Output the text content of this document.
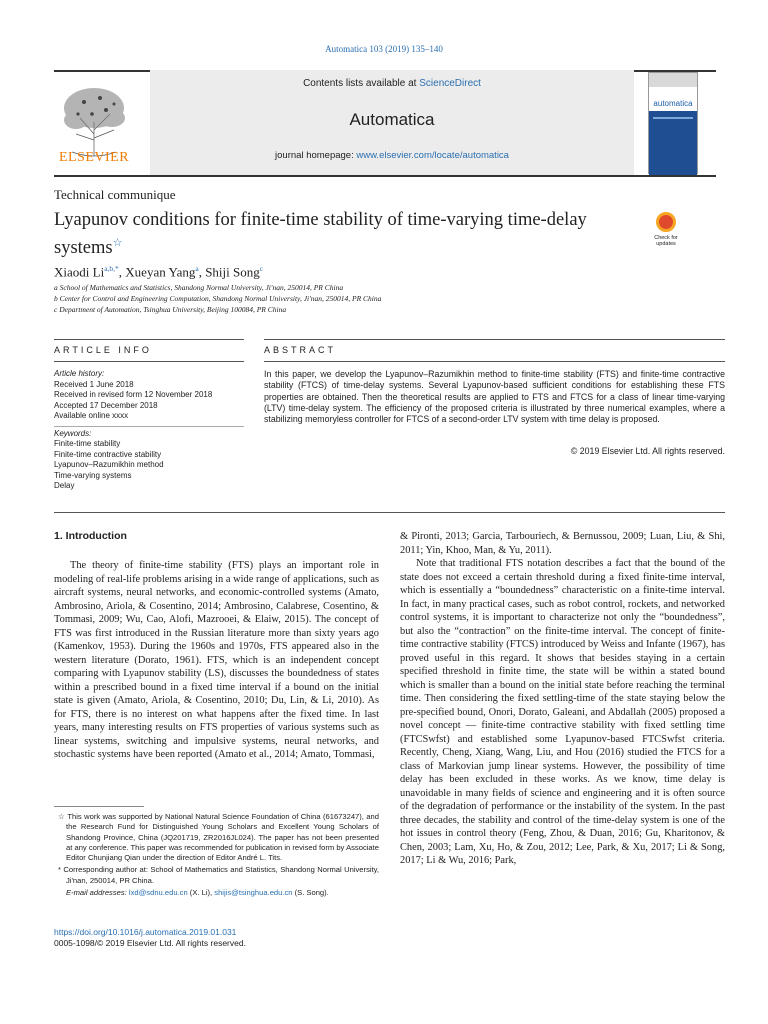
Automatica 103 (2019) 135–140
ELSEVIER
Contents lists available at ScienceDirect
Automatica
journal homepage: www.elsevier.com/locate/automatica
automatica
Technical communique
Lyapunov conditions for finite-time stability of time-varying time-delay systems☆	Check for updates
Xiaodi $Li^{a,b,*}$, Xueyan Yang$^a$, Shiji Song$^c$
a School of Mathematics and Statistics, Shandong Normal University, Ji'nan, 250014, PR China
b Center for Control and Engineering Computation, Shandong Normal University, Ji'nan, 250014, PR China
c Department of Automation, Tsinghua University, Beijing 100084, PR China
ARTICLE INFO	ABSTRACT
Article history:
Received 1 June 2018
Received in revised form 12 November 2018
Accepted 17 December 2018
Available online xxxx
Keywords:
Finite-time stability
Finite-time contractive stability
Lyapunov–Razumikhin method
Time-varying systems
Delay
In this paper, we develop the Lyapunov–Razumikhin method to finite-time stability (FTS) and finite-time contractive stability (FTCS) of time-delay systems. Several Lyapunov-based sufficient conditions for establishing these FTS properties are obtained. Then the theoretical results are applied to FTS and FTCS for a class of linear time-varying (LTV) time-delay system. The efficiency of the proposed criteria is illustrated by three numerical examples, where a stabilizing memoryless controller for FTCS of a second-order LTV system with time delay is proposed.
© 2019 Elsevier Ltd. All rights reserved.
1. Introduction

The theory of finite-time stability (FTS) plays an important role in modeling of real-life problems arising in a wide range of applications, such as aircraft systems, neural networks, and economic-controlled systems (Amato, Ambrosino, Ariola, & Cosentino, 2014; Ambrosino, Calabrese, Cosentino, & Tommasi, 2009; Wu, Cao, Alofi, Mazrooei, & Elaiw, 2015). The concept of FTS was first introduced in the Russian literature more than sixty years ago (Kamenkov, 1953). During the 1960s and 1970s, FTS appeared also in the western literature (Dorato, 1961). FTS, which is an independent concept comparing with Lyapunov stability (LS), discusses the boundedness of states within a prescribed bound in a fixed time interval if a bound on the initial state is given (Amato, Ariola, & Cosentino, 2010; Du, Lin, & Li, 2010). As for FTS, there is no interest on what happens after the fixed time. In last years, many interesting results on FTS properties of various systems such as linear systems, switching and impulsive systems, neural networks, and stochastic systems have been reported (Amato et al., 2014; Amato, Tommasi,

& Pironti, 2013; Garcia, Tarbouriech, & Bernussou, 2009; Luan, Liu, & Shi, 2011; Yin, Khoo, Man, & Yu, 2011).

Note that traditional FTS notation describes a fact that the bound of the state does not exceed a certain threshold during a fixed finite-time interval, which is essentially a “boundedness” characteristic on a finite-time interval. In fact, in many practical cases, such as robot control, rockets, and networked control systems, it is important to characterize not only the “boundedness”, but also the “contraction” on the finite-time interval. The concept of finite-time contractive stability (FTCS) introduced by Weiss and Infante (1967), has proved useful in this regard. It shows that besides staying in a certain specified threshold in finite time, the state will be within a stated bound which is smaller than a bound on the initial state before reaching the terminal time. Then considering the fixed settling-time of the state staying below the pre-specified bound, Onori, Dorato, Galeani, and Abdallah (2005) proposed a novel concept — finite-time contractive stability with fixed settling time (FTCSwfst) and established some Lyapunov-based FTCSwfst criteria. Recently, Cheng, Xiang, Wang, Liu, and Hou (2016) studied the FTCS for a class of Markovian jump linear systems. However, the possibility of time delay has been excluded in these works. As we know, time delay is unavoidable in many fields of science and engineering and it is often source of the degradation of performance or the instability of the system. In the past three decades, the stability and control of the time-delay system is one of the hot issues in control theory (Feng, Zhou, & Duan, 2016; Gu, Kharitonov, & Chen, 2003; Lam, Xu, Ho, & Zou, 2012; Lee, Park, & Xu, 2017; Li & Song, 2017; Li & Wu, 2016; Park,

☆ This work was supported by National Natural Science Foundation of China (61673247), and the Research Fund for Distinguished Young Scholars and Excellent Young Scholars of Shandong Province, China (JQ201719, ZR2016JL024). The paper has not been presented at any conference. This paper was recommended for publication in revised form by Associate Editor Chunjiang Qian under the direction of Editor André L. Tits.
* Corresponding author at: School of Mathematics and Statistics, Shandong Normal University, Ji'nan, 250014, PR China.
E-mail addresses: lxd@sdnu.edu.cn (X. Li), shijis@tsinghua.edu.cn (S. Song).
https://doi.org/10.1016/j.automatica.2019.01.031
0005-1098/© 2019 Elsevier Ltd. All rights reserved.
